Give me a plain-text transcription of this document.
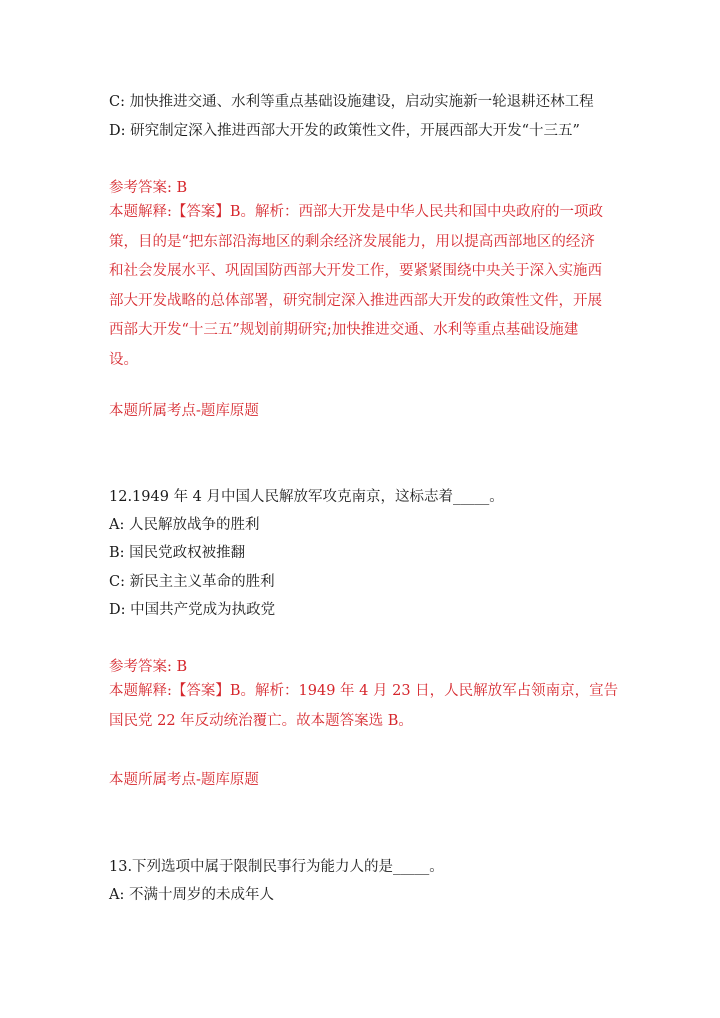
C: 加快推进交通、水利等重点基础设施建设，启动实施新一轮退耕还林工程
D: 研究制定深入推进西部大开发的政策性文件，开展西部大开发“十三五”
参考答案: B
本题解释:【答案】B。解析：西部大开发是中华人民共和国中央政府的一项政
策，目的是“把东部沿海地区的剩余经济发展能力，用以提高西部地区的经济
和社会发展水平、巩固国防西部大开发工作，要紧紧围绕中央关于深入实施西
部大开发战略的总体部署，研究制定深入推进西部大开发的政策性文件，开展
西部大开发“十三五”规划前期研究;加快推进交通、水利等重点基础设施建
设。
本题所属考点-题库原题
12.1949 年 4 月中国人民解放军攻克南京，这标志着_____。
A: 人民解放战争的胜利
B: 国民党政权被推翻
C: 新民主主义革命的胜利
D: 中国共产党成为执政党
参考答案: B
本题解释:【答案】B。解析：1949 年 4 月 23 日，人民解放军占领南京，宣告
国民党 22 年反动统治覆亡。故本题答案选 B。
本题所属考点-题库原题
13.下列选项中属于限制民事行为能力人的是_____。
A: 不满十周岁的未成年人
